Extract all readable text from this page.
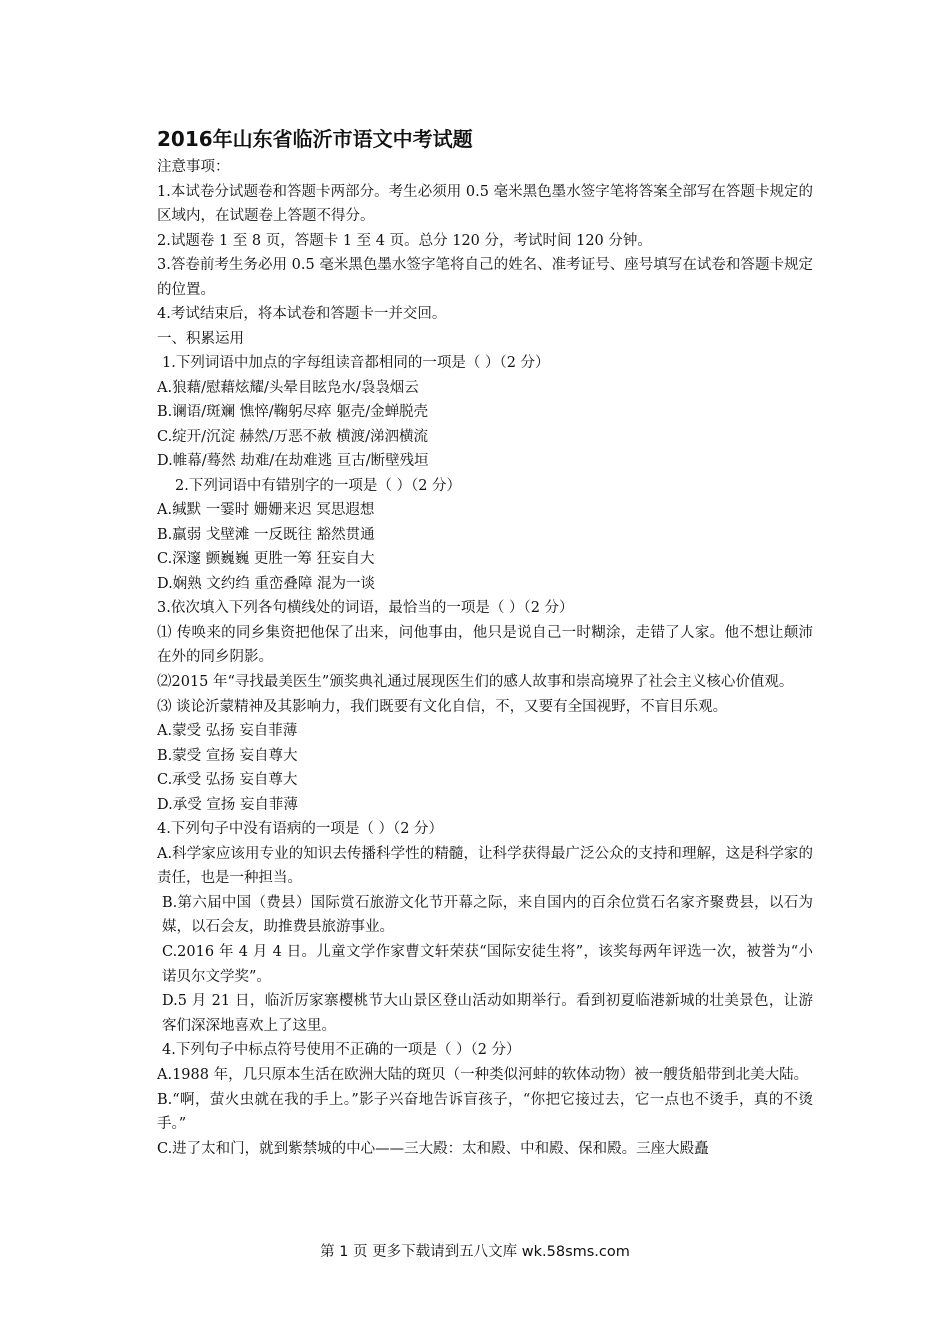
2016年山东省临沂市语文中考试题

注意事项：

1.本试卷分试题卷和答题卡两部分。考生必须用 0.5 毫米黑色墨水签字笔将答案全部写在答题卡规定的区域内，在试题卷上答题不得分。

2.试题卷 1 至 8 页，答题卡 1 至 4 页。总分 120 分，考试时间 120 分钟。

3.答卷前考生务必用 0.5 毫米黑色墨水签字笔将自己的姓名、准考证号、座号填写在试卷和答题卡规定的位置。

4.考试结束后，将本试卷和答题卡一并交回。

一、积累运用

1.下列词语中加点的字每组读音都相同的一项是（ ）（2 分）

A.狼藉/慰藉炫耀/头晕目眩凫水/袅袅烟云

B.谰语/斑斓 憔悴/鞠躬尽瘁 躯壳/金蝉脱壳

C.绽开/沉淀 赫然/万恶不赦 横渡/涕泗横流

D.帷幕/蓦然 劫难/在劫难逃 亘古/断壁残垣

2.下列词语中有错别字的一项是（ ）（2 分）

A.缄默 一霎时 姗姗来迟 冥思遐想

B.羸弱 戈壁滩 一反既往 豁然贯通

C.深邃 颤巍巍 更胜一筹 狂妄自大

D.娴熟 文约绉 重峦叠障 混为一谈

3.依次填入下列各句横线处的词语，最恰当的一项是（ ）（2 分）

⑴ 传唤来的同乡集资把他保了出来，问他事由，他只是说自己一时糊涂，走错了人家。他不想让颠沛在外的同乡阴影。

⑵2015 年“寻找最美医生”颁奖典礼通过展现医生们的感人故事和崇高境界了社会主义核心价值观。

⑶ 谈论沂蒙精神及其影响力，我们既要有文化自信，不，又要有全国视野，不盲目乐观。

A.蒙受 弘扬 妄自菲薄

B.蒙受 宣扬 妄自尊大

C.承受 弘扬 妄自尊大

D.承受 宣扬 妄自菲薄

4.下列句子中没有语病的一项是（ ）（2 分）

A.科学家应该用专业的知识去传播科学性的精髓，让科学获得最广泛公众的支持和理解，这是科学家的责任，也是一种担当。

B.第六届中国（费县）国际赏石旅游文化节开幕之际，来自国内的百余位赏石名家齐聚费县，以石为媒，以石会友，助推费县旅游事业。

C.2016 年 4 月 4 日。儿童文学作家曹文轩荣获“国际安徒生将”，该奖每两年评选一次，被誉为“小诺贝尔文学奖”。

D.5 月 21 日，临沂厉家寨樱桃节大山景区登山活动如期举行。看到初夏临港新城的壮美景色，让游客们深深地喜欢上了这里。

4.下列句子中标点符号使用不正确的一项是（ ）（2 分）

A.1988 年，几只原本生活在欧洲大陆的斑贝（一种类似河蚌的软体动物）被一艘货船带到北美大陆。

B.“啊，萤火虫就在我的手上。”影子兴奋地告诉盲孩子，“你把它接过去，它一点也不烫手，真的不烫手。”

C.进了太和门，就到紫禁城的中心——三大殿：太和殿、中和殿、保和殿。三座大殿矗

第 1 页 更多下载请到五八文库 wk.58sms.com
